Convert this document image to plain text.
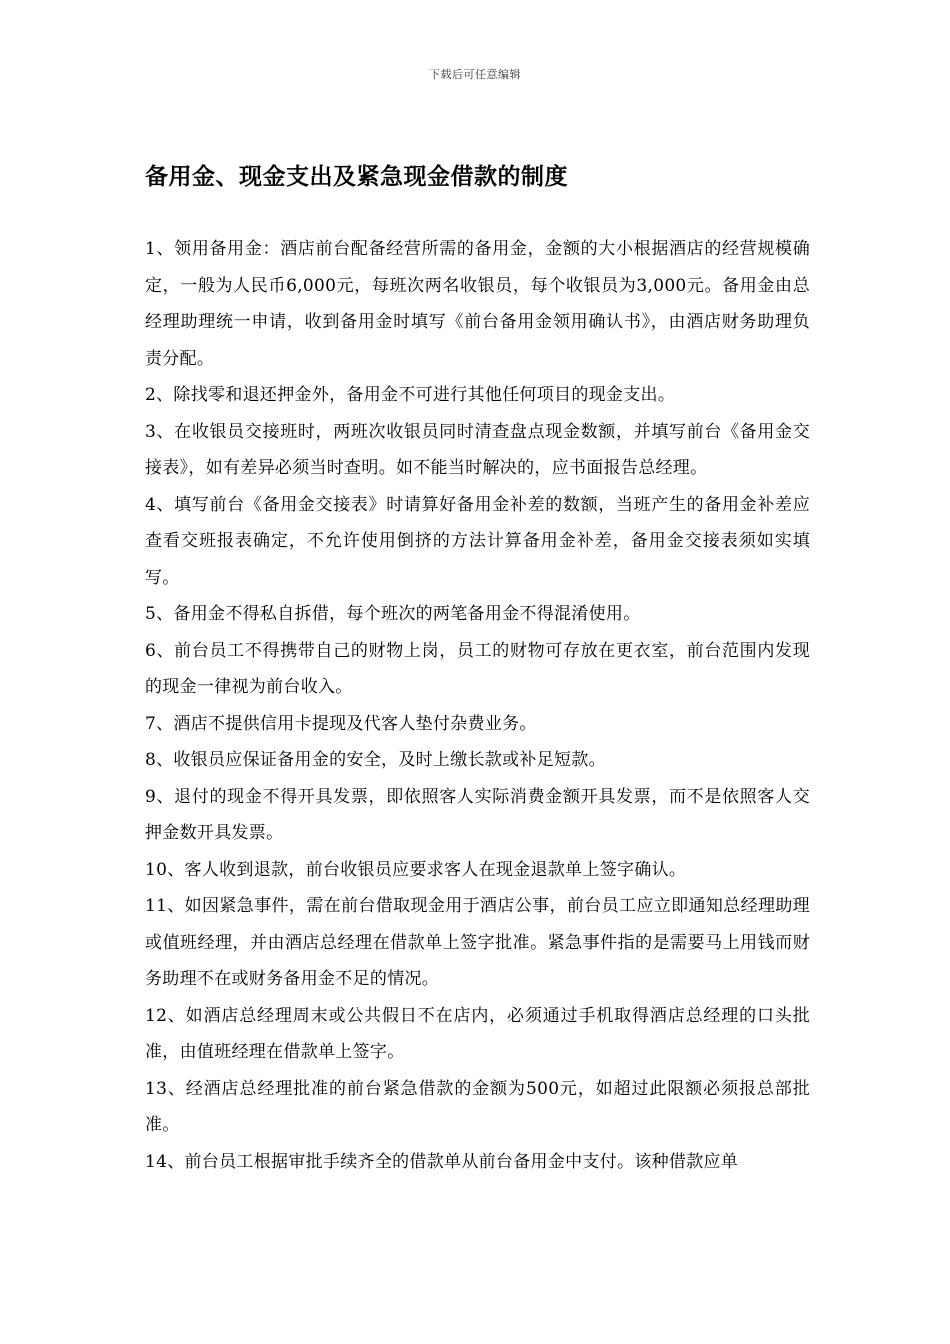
下载后可任意编辑
备用金、现金支出及紧急现金借款的制度

1、领用备用金：酒店前台配备经营所需的备用金，金额的大小根据酒店的经营规模确定，一般为人民币6,000元，每班次两名收银员，每个收银员为3,000元。备用金由总经理助理统一申请，收到备用金时填写《前台备用金领用确认书》，由酒店财务助理负责分配。

2、除找零和退还押金外，备用金不可进行其他任何项目的现金支出。

3、在收银员交接班时，两班次收银员同时清查盘点现金数额，并填写前台《备用金交接表》，如有差异必须当时查明。如不能当时解决的，应书面报告总经理。

4、填写前台《备用金交接表》时请算好备用金补差的数额，当班产生的备用金补差应查看交班报表确定，不允许使用倒挤的方法计算备用金补差，备用金交接表须如实填写。

5、备用金不得私自拆借，每个班次的两笔备用金不得混淆使用。

6、前台员工不得携带自己的财物上岗，员工的财物可存放在更衣室，前台范围内发现的现金一律视为前台收入。

7、酒店不提供信用卡提现及代客人垫付杂费业务。

8、收银员应保证备用金的安全，及时上缴长款或补足短款。

9、退付的现金不得开具发票，即依照客人实际消费金额开具发票，而不是依照客人交押金数开具发票。

10、客人收到退款，前台收银员应要求客人在现金退款单上签字确认。

11、如因紧急事件，需在前台借取现金用于酒店公事，前台员工应立即通知总经理助理或值班经理，并由酒店总经理在借款单上签字批准。紧急事件指的是需要马上用钱而财务助理不在或财务备用金不足的情况。

12、如酒店总经理周末或公共假日不在店内，必须通过手机取得酒店总经理的口头批准，由值班经理在借款单上签字。

13、经酒店总经理批准的前台紧急借款的金额为500元，如超过此限额必须报总部批准。

14、前台员工根据审批手续齐全的借款单从前台备用金中支付。该种借款应单
